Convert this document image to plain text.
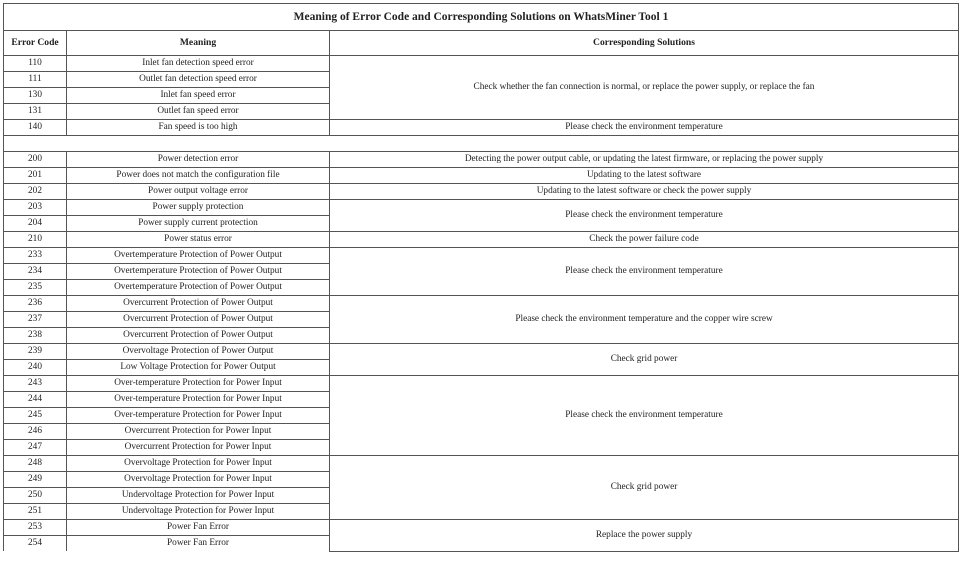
Meaning of Error Code and Corresponding Solutions on WhatsMiner Tool 1		
Error Code	Meaning	Corresponding Solutions
110	Inlet fan detection speed error	Check whether the fan connection is normal, or replace the power supply, or replace the fan
111	Outlet fan detection speed error	
130	Inlet fan speed error	
131	Outlet fan speed error	
140	Fan speed is too high	Please check the environment temperature

200	Power detection error	Detecting the power output cable, or updating the latest firmware, or replacing the power supply
201	Power does not match the configuration file	Updating to the latest software
202	Power output voltage error	Updating to the latest software or check the power supply
203	Power supply protection	Please check the environment temperature
204	Power supply current protection	
210	Power status error	Check the power failure code
233	Overtemperature Protection of Power Output	Please check the environment temperature
234	Overtemperature Protection of Power Output	
235	Overtemperature Protection of Power Output	
236	Overcurrent Protection of Power Output	Please check the environment temperature and the copper wire screw
237	Overcurrent Protection of Power Output	
238	Overcurrent Protection of Power Output	
239	Overvoltage Protection of Power Output	Check grid power
240	Low Voltage Protection for Power Output	
243	Over-temperature Protection for Power Input	Please check the environment temperature
244	Over-temperature Protection for Power Input	
245	Over-temperature Protection for Power Input	
246	Overcurrent Protection for Power Input	
247	Overcurrent Protection for Power Input	
248	Overvoltage Protection for Power Input	Check grid power
249	Overvoltage Protection for Power Input	
250	Undervoltage Protection for Power Input	
251	Undervoltage Protection for Power Input	
253	Power Fan Error	Replace the power supply
254	Power Fan Error	
